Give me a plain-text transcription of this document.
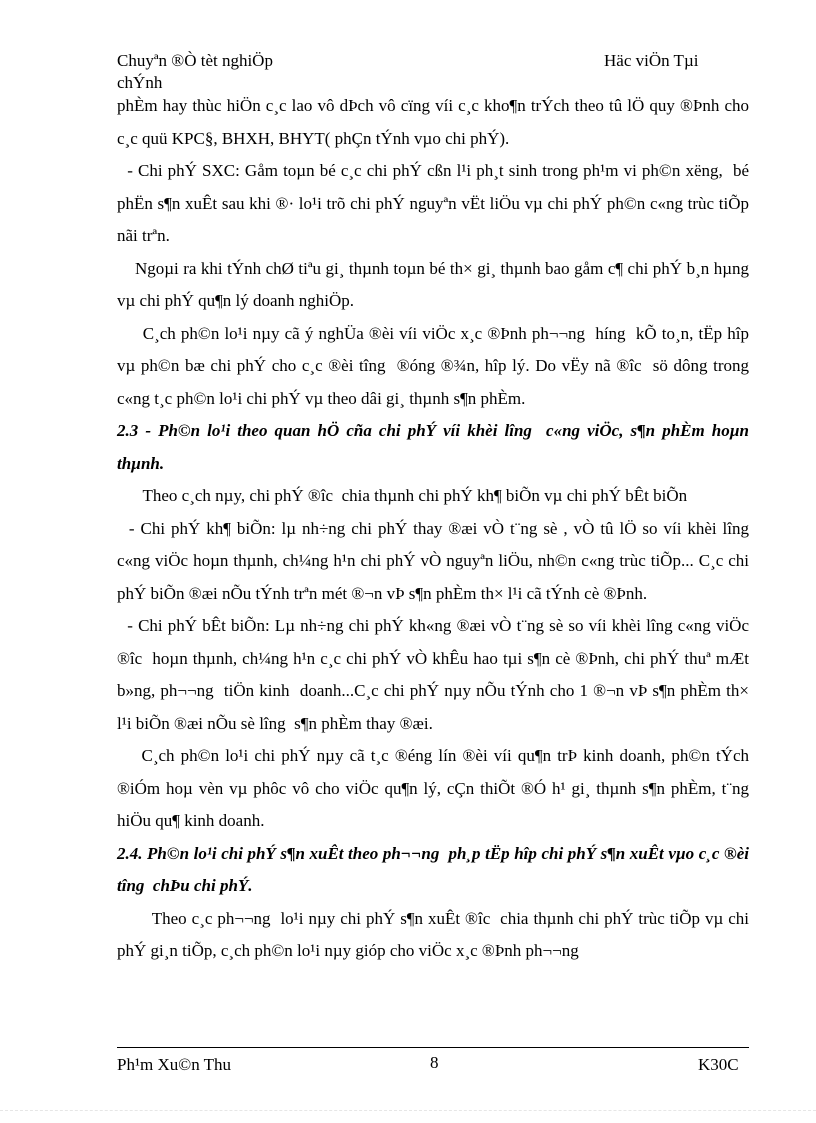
Chuyªn ®Ò tèt nghiÖp
chÝnh
Häc viÖn Tµi

phÈm hay thùc hiÖn c¸c lao vô dÞch vô cïng víi c¸c kho¶n trÝch theo tû lÖ quy ®Þnh cho c¸c quü KPC§, BHXH, BHYT( phÇn tÝnh vµo chi phÝ).

- Chi phÝ SXC: Gåm toµn bé c¸c chi phÝ cßn l¹i ph¸t sinh trong ph¹m vi ph©n xëng,  bé phËn s¶n xuÊt sau khi ®· lo¹i trõ chi phÝ nguyªn vËt liÖu vµ chi phÝ ph©n c«ng trùc tiÕp nãi trªn.

Ngoµi ra khi tÝnh chØ tiªu gi¸ thµnh toµn bé th× gi¸ thµnh bao gåm c¶ chi phÝ b¸n hµng vµ chi phÝ qu¶n lý doanh nghiÖp.

C¸ch ph©n lo¹i nµy cã ý nghÜa ®èi víi viÖc x¸c ®Þnh ph¬¬ng  híng  kÕ to¸n, tËp hîp vµ ph©n bæ chi phÝ cho c¸c ®èi tîng  ®óng ®¾n, hîp lý. Do vËy nã ®îc  sö dông trong c«ng t¸c ph©n lo¹i chi phÝ vµ theo dâi gi¸ thµnh s¶n phÈm.

2.3 - Ph©n lo¹i theo quan hÖ cña chi phÝ víi khèi lîng  c«ng viÖc, s¶n phÈm hoµn thµnh.

Theo c¸ch nµy, chi phÝ ®îc  chia thµnh chi phÝ kh¶ biÕn vµ chi phÝ bÊt biÕn

- Chi phÝ kh¶ biÕn: lµ nh÷ng chi phÝ thay ®æi vÒ t¨ng sè , vÒ tû lÖ so víi khèi lîng  c«ng viÖc hoµn thµnh, ch¼ng h¹n chi phÝ vÒ nguyªn liÖu, nh©n c«ng trùc tiÕp... C¸c chi phÝ biÕn ®æi nÕu tÝnh trªn mét ®¬n vÞ s¶n phÈm th× l¹i cã tÝnh cè ®Þnh.

- Chi phÝ bÊt biÕn: Lµ nh÷ng chi phÝ kh«ng ®æi vÒ t¨ng sè so víi khèi lîng c«ng viÖc ®îc  hoµn thµnh, ch¼ng h¹n c¸c chi phÝ vÒ khÊu hao tµi s¶n cè ®Þnh, chi phÝ thuª mÆt b»ng, ph¬¬ng  tiÖn kinh  doanh...C¸c chi phÝ nµy nÕu tÝnh cho 1 ®¬n vÞ s¶n phÈm th× l¹i biÕn ®æi nÕu sè lîng  s¶n phÈm thay ®æi.

C¸ch ph©n lo¹i chi phÝ nµy cã t¸c ®éng lín ®èi víi qu¶n trÞ kinh doanh, ph©n tÝch ®iÓm hoµ vèn vµ phôc vô cho viÖc qu¶n lý, cÇn thiÕt ®Ó h¹ gi¸ thµnh s¶n phÈm, t¨ng hiÖu qu¶ kinh doanh.

2.4. Ph©n lo¹i chi phÝ s¶n xuÊt theo ph¬¬ng  ph¸p tËp hîp chi phÝ s¶n xuÊt vµo c¸c ®èi tîng  chÞu chi phÝ.

Theo c¸c ph¬¬ng  lo¹i nµy chi phÝ s¶n xuÊt ®îc  chia thµnh chi phÝ trùc tiÕp vµ chi phÝ gi¸n tiÕp, c¸ch ph©n lo¹i nµy gióp cho viÖc x¸c ®Þnh ph¬¬ng

Ph¹m Xu©n Thu	8	K30C
